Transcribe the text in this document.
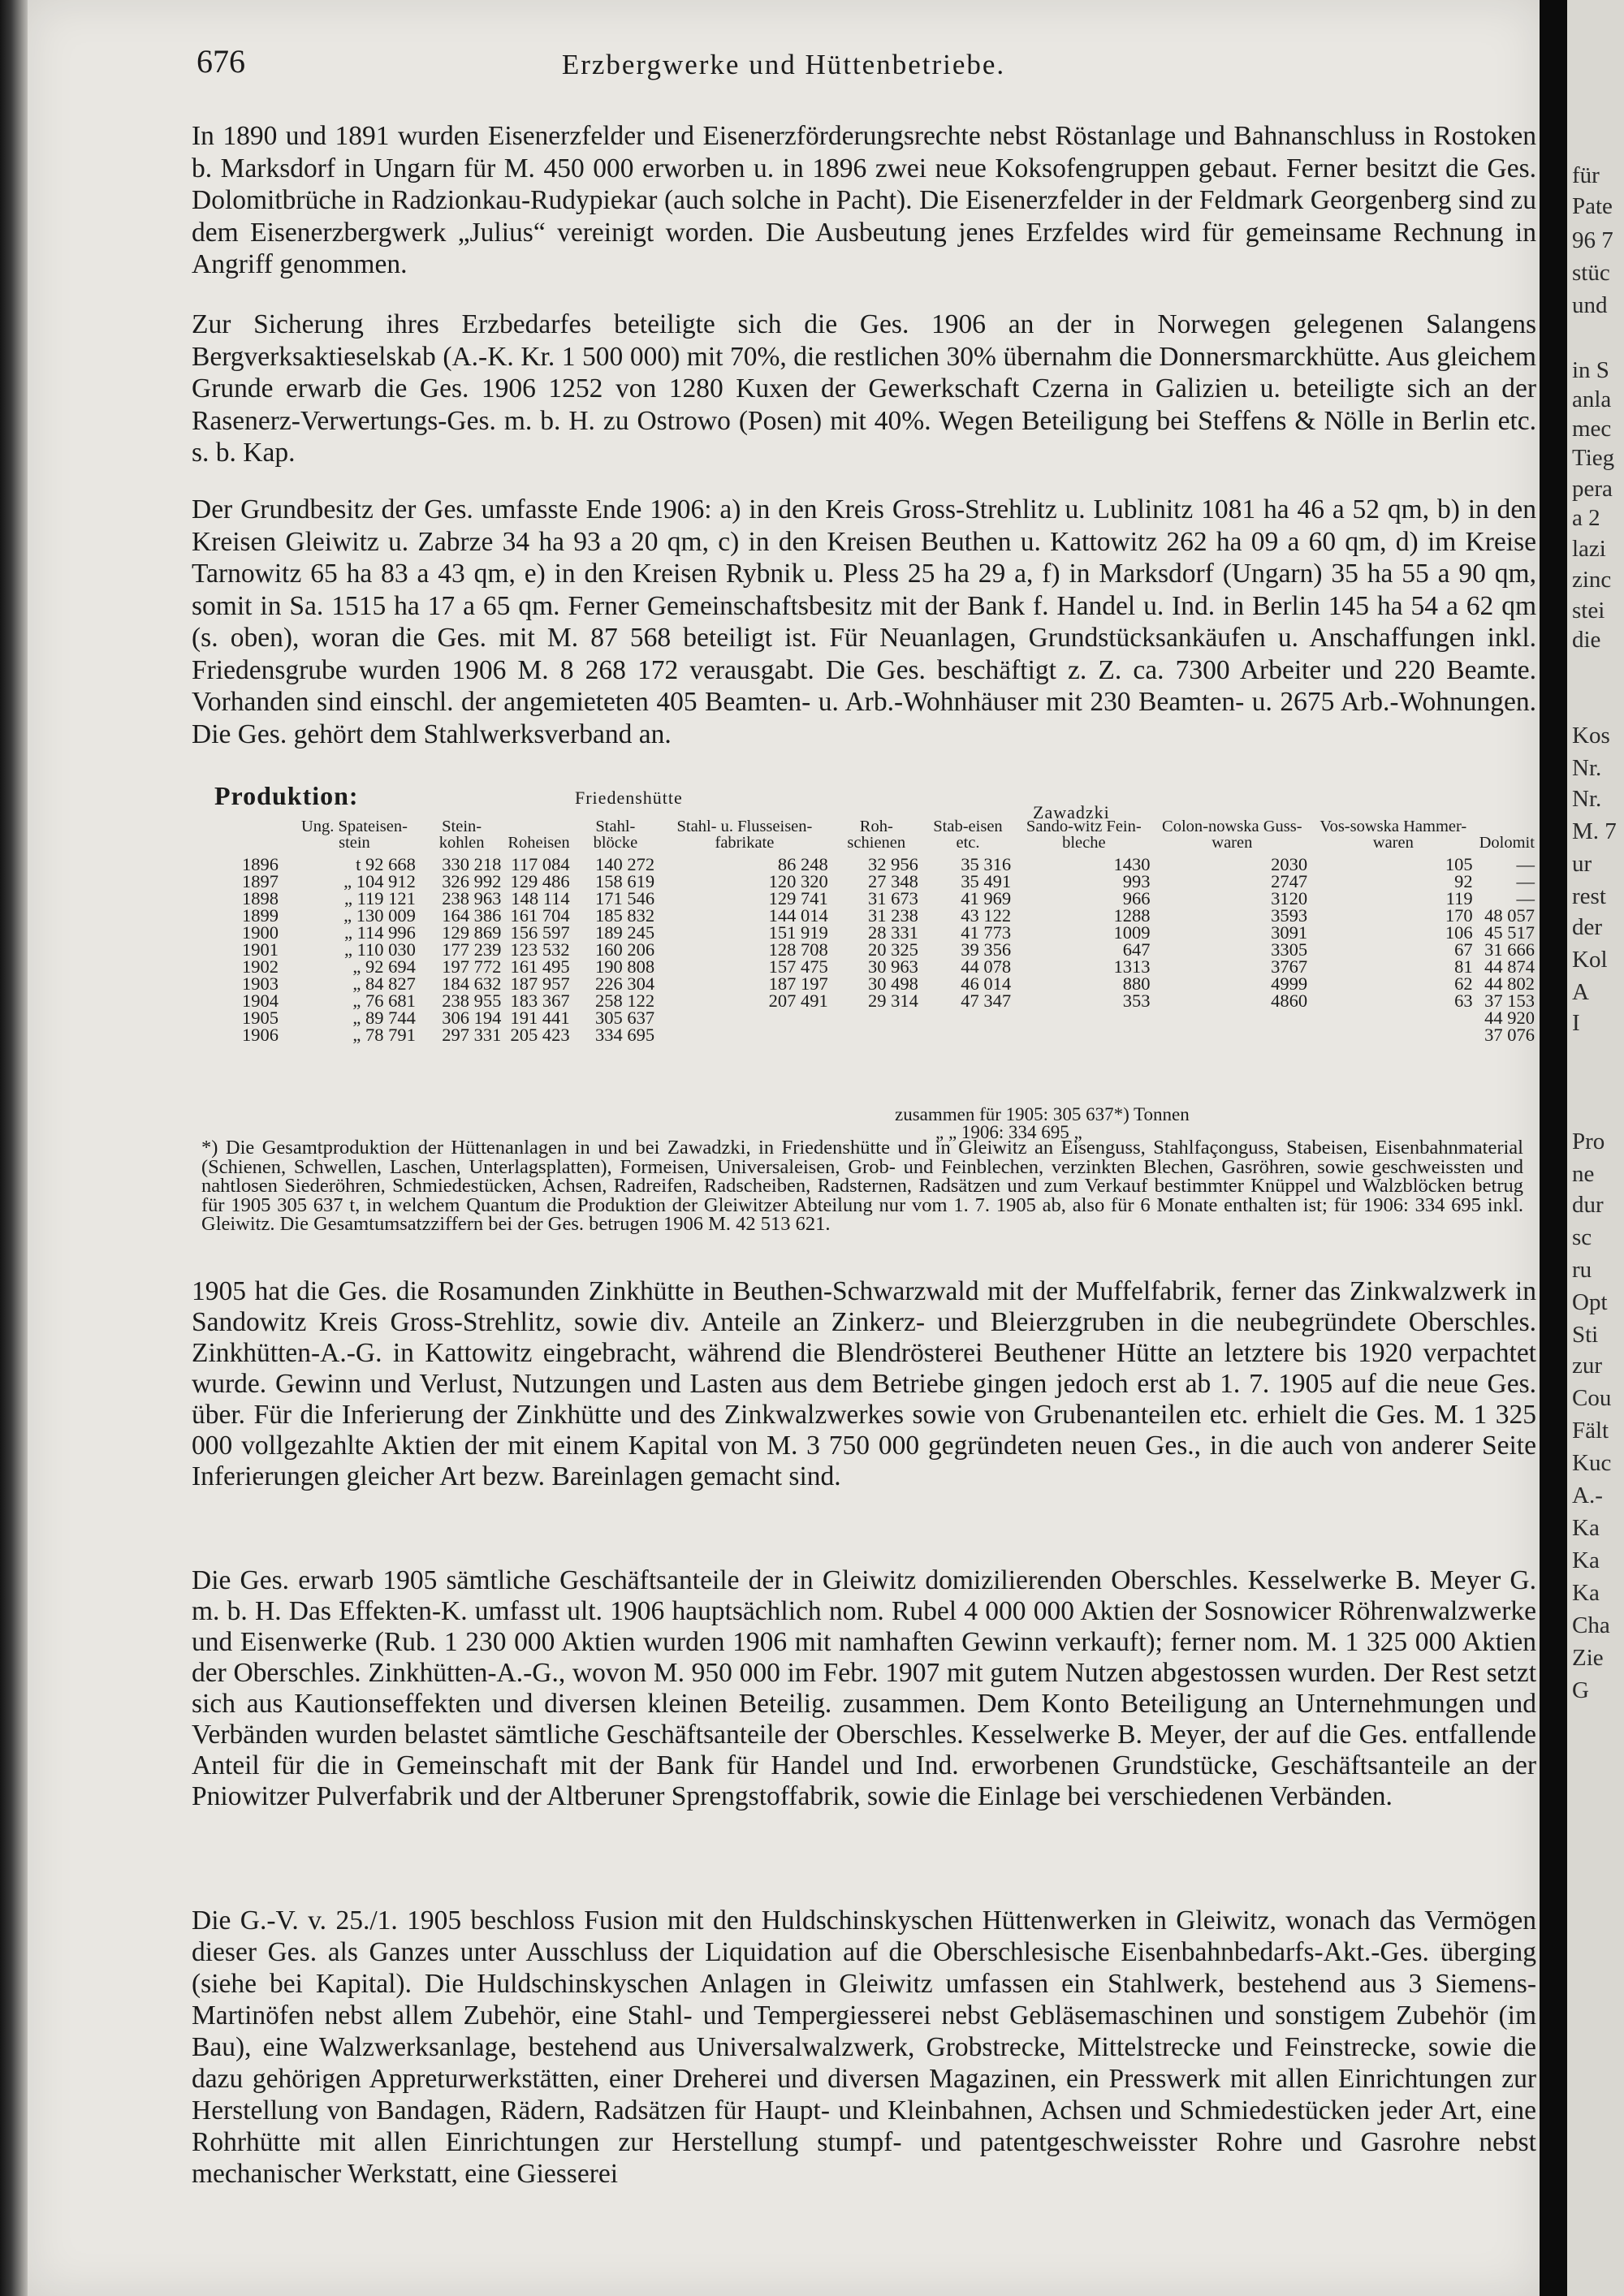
676	Erzbergwerke und Hüttenbetriebe.

In 1890 und 1891 wurden Eisenerzfelder und Eisenerzförderungsrechte nebst Röstanlage und Bahnanschluss in Rostoken b. Marksdorf in Ungarn für M. 450 000 erworben u. in 1896 zwei neue Koksofengruppen gebaut. Ferner besitzt die Ges. Dolomitbrüche in Radzionkau-Rudypiekar (auch solche in Pacht). Die Eisenerzfelder in der Feldmark Georgenberg sind zu dem Eisenerzbergwerk „Julius“ vereinigt worden. Die Ausbeutung jenes Erzfeldes wird für gemeinsame Rechnung in Angriff genommen.

Zur Sicherung ihres Erzbedarfes beteiligte sich die Ges. 1906 an der in Norwegen gelegenen Salangens Bergverksaktieselskab (A.-K. Kr. 1 500 000) mit 70%, die restlichen 30% übernahm die Donnersmarckhütte. Aus gleichem Grunde erwarb die Ges. 1906 1252 von 1280 Kuxen der Gewerkschaft Czerna in Galizien u. beteiligte sich an der Rasenerz-Verwertungs-Ges. m. b. H. zu Ostrowo (Posen) mit 40%. Wegen Beteiligung bei Steffens & Nölle in Berlin etc. s. b. Kap.

Der Grundbesitz der Ges. umfasste Ende 1906: a) in den Kreis Gross-Strehlitz u. Lublinitz 1081 ha 46 a 52 qm, b) in den Kreisen Gleiwitz u. Zabrze 34 ha 93 a 20 qm, c) in den Kreisen Beuthen u. Kattowitz 262 ha 09 a 60 qm, d) im Kreise Tarnowitz 65 ha 83 a 43 qm, e) in den Kreisen Rybnik u. Pless 25 ha 29 a, f) in Marksdorf (Ungarn) 35 ha 55 a 90 qm, somit in Sa. 1515 ha 17 a 65 qm. Ferner Gemeinschaftsbesitz mit der Bank f. Handel u. Ind. in Berlin 145 ha 54 a 62 qm (s. oben), woran die Ges. mit M. 87 568 beteiligt ist. Für Neuanlagen, Grundstücksankäufen u. Anschaffungen inkl. Friedensgrube wurden 1906 M. 8 268 172 verausgabt. Die Ges. beschäftigt z. Z. ca. 7300 Arbeiter und 220 Beamte. Vorhanden sind einschl. der angemieteten 405 Beamten- u. Arb.-Wohnhäuser mit 230 Beamten- u. 2675 Arb.-Wohnungen. Die Ges. gehört dem Stahlwerksverband an.

Produktion:	Friedenshütte
Zawadzki
	Ung. Spateisen-stein	Stein-kohlen	Roheisen	Stahl-blöcke	Stahl- u. Flusseisen-fabrikate	Roh-schienen	Stab-eisen etc.	Sando-witz Fein-bleche	Colon-nowska Guss-waren	Vos-sowska Hammer-waren	Dolomit
1896	t 92 668	330 218	117 084	140 272	86 248	32 956	35 316	1430	2030	105	—
1897	„ 104 912	326 992	129 486	158 619	120 320	27 348	35 491	993	2747	92	—
1898	„ 119 121	238 963	148 114	171 546	129 741	31 673	41 969	966	3120	119	—
1899	„ 130 009	164 386	161 704	185 832	144 014	31 238	43 122	1288	3593	170	48 057
1900	„ 114 996	129 869	156 597	189 245	151 919	28 331	41 773	1009	3091	106	45 517
1901	„ 110 030	177 239	123 532	160 206	128 708	20 325	39 356	647	3305	67	31 666
1902	„ 92 694	197 772	161 495	190 808	157 475	30 963	44 078	1313	3767	81	44 874
1903	„ 84 827	184 632	187 957	226 304	187 197	30 498	46 014	880	4999	62	44 802
1904	„ 76 681	238 955	183 367	258 122	207 491	29 314	47 347	353	4860	63	37 153
1905	„ 89 744	306 194	191 441	305 637							44 920
1906	„ 78 791	297 331	205 423	334 695							37 076
zusammen für 1905: 305 637*) Tonnen
„ „ 1906: 334 695 „

*) Die Gesamtproduktion der Hüttenanlagen in und bei Zawadzki, in Friedenshütte und in Gleiwitz an Eisenguss, Stahlfaçonguss, Stabeisen, Eisenbahnmaterial (Schienen, Schwellen, Laschen, Unterlagsplatten), Formeisen, Universaleisen, Grob- und Feinblechen, verzinkten Blechen, Gasröhren, sowie geschweissten und nahtlosen Siederöhren, Schmiedestücken, Achsen, Radreifen, Radscheiben, Radsternen, Radsätzen und zum Verkauf bestimmter Knüppel und Walzblöcken betrug für 1905 305 637 t, in welchem Quantum die Produktion der Gleiwitzer Abteilung nur vom 1. 7. 1905 ab, also für 6 Monate enthalten ist; für 1906: 334 695 inkl. Gleiwitz. Die Gesamtumsatzziffern bei der Ges. betrugen 1906 M. 42 513 621.

1905 hat die Ges. die Rosamunden Zinkhütte in Beuthen-Schwarzwald mit der Muffelfabrik, ferner das Zinkwalzwerk in Sandowitz Kreis Gross-Strehlitz, sowie div. Anteile an Zinkerz- und Bleierzgruben in die neubegründete Oberschles. Zinkhütten-A.-G. in Kattowitz eingebracht, während die Blendrösterei Beuthener Hütte an letztere bis 1920 verpachtet wurde. Gewinn und Verlust, Nutzungen und Lasten aus dem Betriebe gingen jedoch erst ab 1. 7. 1905 auf die neue Ges. über. Für die Inferierung der Zinkhütte und des Zinkwalzwerkes sowie von Grubenanteilen etc. erhielt die Ges. M. 1 325 000 vollgezahlte Aktien der mit einem Kapital von M. 3 750 000 gegründeten neuen Ges., in die auch von anderer Seite Inferierungen gleicher Art bezw. Bareinlagen gemacht sind.

Die Ges. erwarb 1905 sämtliche Geschäftsanteile der in Gleiwitz domizilierenden Oberschles. Kesselwerke B. Meyer G. m. b. H. Das Effekten-K. umfasst ult. 1906 hauptsächlich nom. Rubel 4 000 000 Aktien der Sosnowicer Röhrenwalzwerke und Eisenwerke (Rub. 1 230 000 Aktien wurden 1906 mit namhaften Gewinn verkauft); ferner nom. M. 1 325 000 Aktien der Oberschles. Zinkhütten-A.-G., wovon M. 950 000 im Febr. 1907 mit gutem Nutzen abgestossen wurden. Der Rest setzt sich aus Kautionseffekten und diversen kleinen Beteilig. zusammen. Dem Konto Beteiligung an Unternehmungen und Verbänden wurden belastet sämtliche Geschäftsanteile der Oberschles. Kesselwerke B. Meyer, der auf die Ges. entfallende Anteil für die in Gemeinschaft mit der Bank für Handel und Ind. erworbenen Grundstücke, Geschäftsanteile an der Pniowitzer Pulverfabrik und der Altberuner Sprengstoffabrik, sowie die Einlage bei verschiedenen Verbänden.

Die G.-V. v. 25./1. 1905 beschloss Fusion mit den Huldschinskyschen Hüttenwerken in Gleiwitz, wonach das Vermögen dieser Ges. als Ganzes unter Ausschluss der Liquidation auf die Oberschlesische Eisenbahnbedarfs-Akt.-Ges. überging (siehe bei Kapital). Die Huldschinskyschen Anlagen in Gleiwitz umfassen ein Stahlwerk, bestehend aus 3 Siemens-Martinöfen nebst allem Zubehör, eine Stahl- und Tempergiesserei nebst Gebläsemaschinen und sonstigem Zubehör (im Bau), eine Walzwerksanlage, bestehend aus Universalwalzwerk, Grobstrecke, Mittelstrecke und Feinstrecke, sowie die dazu gehörigen Appreturwerkstätten, einer Dreherei und diversen Magazinen, ein Presswerk mit allen Einrichtungen zur Herstellung von Bandagen, Rädern, Radsätzen für Haupt- und Kleinbahnen, Achsen und Schmiedestücken jeder Art, eine Rohrhütte mit allen Einrichtungen zur Herstellung stumpf- und patentgeschweisster Rohre und Gasrohre nebst mechanischer Werkstatt, eine Giesserei

für
Pate
96 7
stüc
und
in S
anla
mec
Tieg
pera
a 2
lazi
zinc
stei
die
Kos
Nr.
Nr.
M. 7
ur
rest
der
Kol
A
I
Pro
ne
dur
sc
ru
Opt
Sti
zur
Cou
Fält
Kuc
A.-
Ka
Ka
Ka
Cha
Zie
G
